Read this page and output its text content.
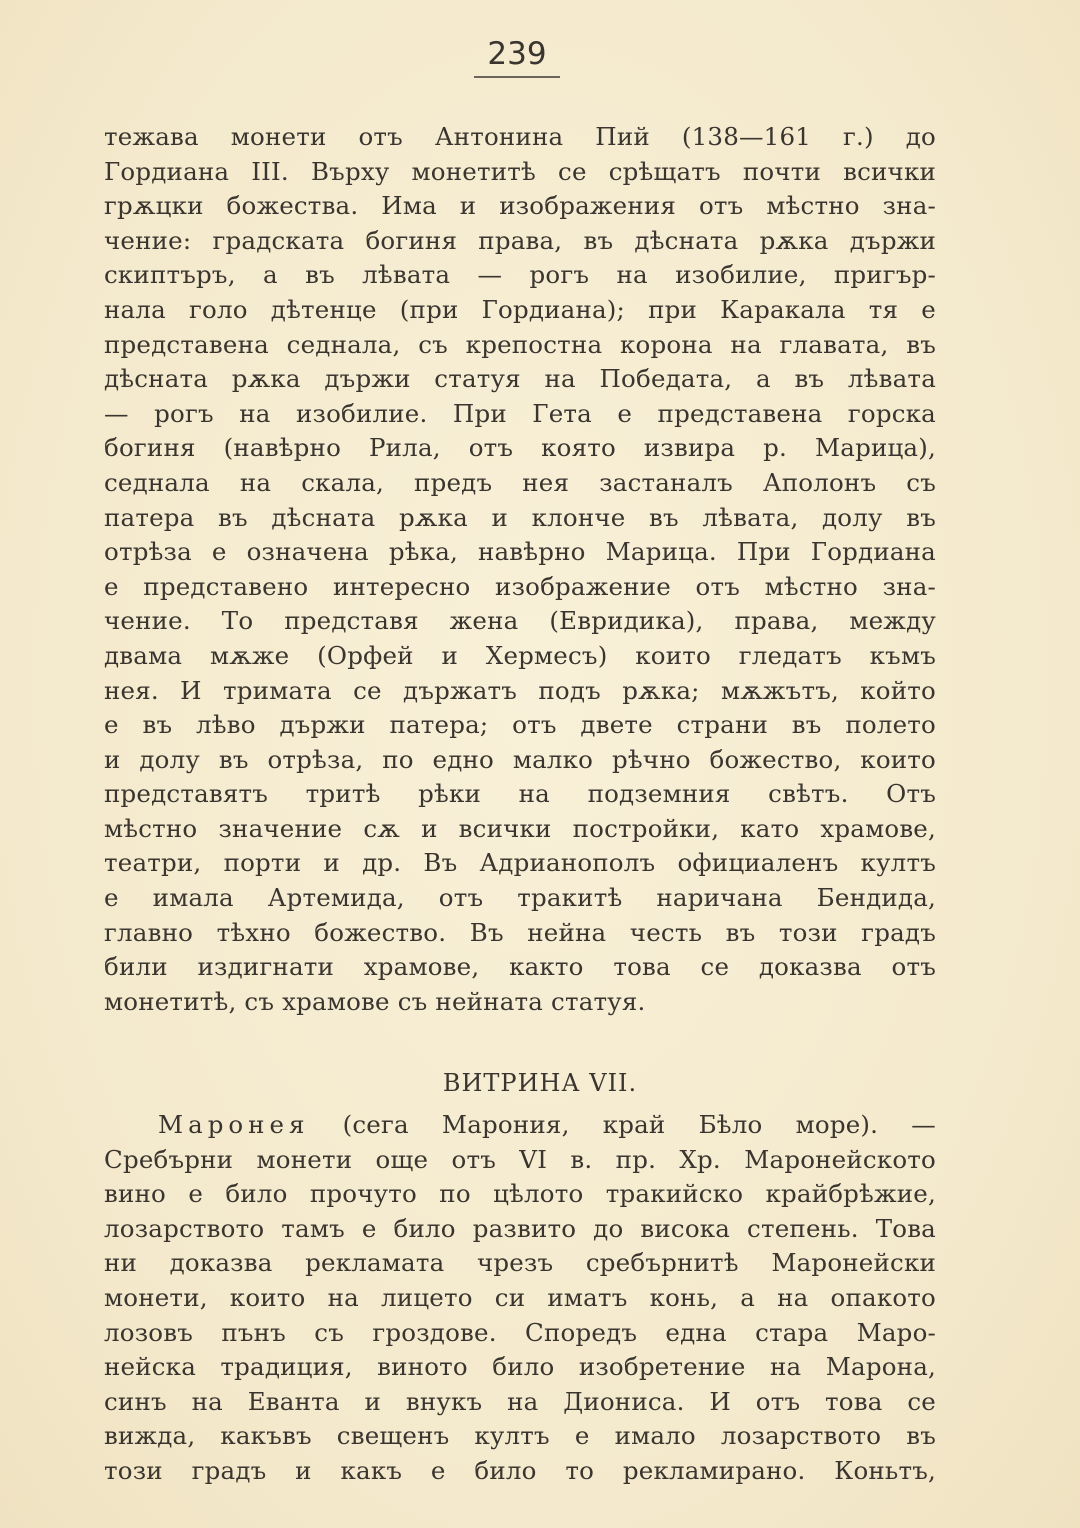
239
тежава монети отъ Антонина Пий (138—161 г.) до
Гордиана III. Върху монетитѣ се срѣщатъ почти всички
грѫцки божества. Има и изображения отъ мѣстно зна-
чение: градската богиня права, въ дѣсната рѫка държи
скиптъръ, а въ лѣвата — рогъ на изобилие, пригър-
нала голо дѣтенце (при Гордиана); при Каракала тя е
представена седнала, съ крепостна корона на главата, въ
дѣсната рѫка държи статуя на Победата, а въ лѣвата
— рогъ на изобилие. При Гета е представена горска
богиня (навѣрно Рила, отъ която извира р. Марица),
седнала на скала, предъ нея застаналъ Аполонъ съ
патера въ дѣсната рѫка и клонче въ лѣвата, долу въ
отрѣза е означена рѣка, навѣрно Марица. При Гордиана
е представено интересно изображение отъ мѣстно зна-
чение. То представя жена (Евридика), права, между
двама мѫже (Орфей и Хермесъ) които гледатъ къмъ
нея. И тримата се държатъ подъ рѫка; мѫжътъ, който
е въ лѣво държи патера; отъ двете страни въ полето
и долу въ отрѣза, по едно малко рѣчно божество, които
представятъ тритѣ рѣки на подземния свѣтъ. Отъ
мѣстно значение сѫ и всички постройки, като храмове,
театри, порти и др. Въ Адрианополъ официаленъ култъ
е имала Артемида, отъ тракитѣ наричана Бендида,
главно тѣхно божество. Въ нейна честь въ този градъ
били издигнати храмове, както това се доказва отъ
монетитѣ, съ храмове съ нейната статуя.
ВИТРИНА VII.
Маронея (сега Марония, край Бѣло море). —
Сребърни монети още отъ VI в. пр. Хр. Маронейското
вино е било прочуто по цѣлото тракийско крайбрѣжие,
лозарството тамъ е било развито до висока степень. Това
ни доказва рекламата чрезъ сребърнитѣ Маронейски
монети, които на лицето си иматъ конь, а на опакото
лозовъ пънъ съ гроздове. Споредъ една стара Маро-
нейска традиция, виното било изобретение на Марона,
синъ на Еванта и внукъ на Диониса. И отъ това се
вижда, какъвъ свещенъ култъ е имало лозарството въ
този градъ и какъ е било то рекламирано. Коньтъ,
